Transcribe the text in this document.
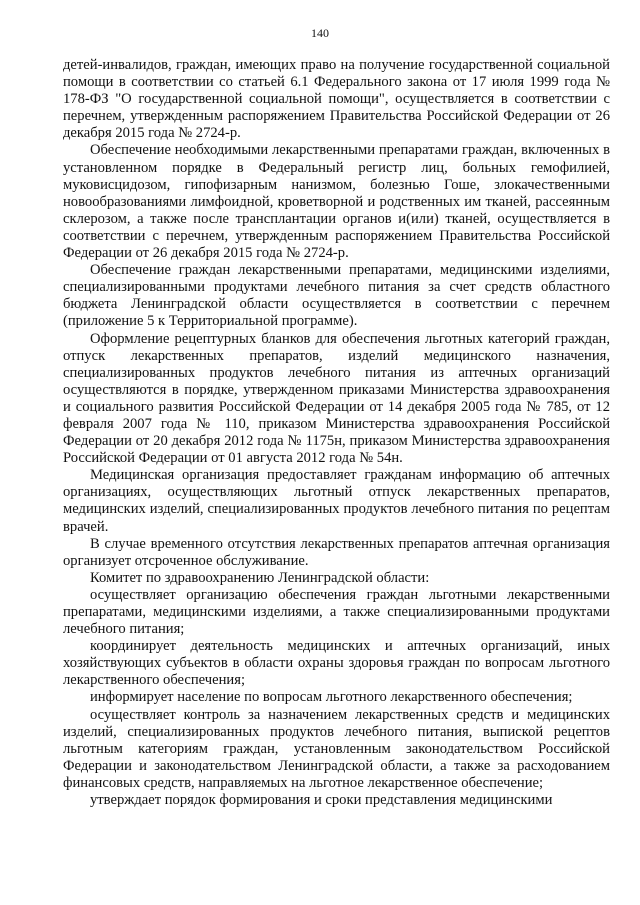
140

детей-инвалидов, граждан, имеющих право на получение государственной социальной помощи в соответствии со статьей 6.1 Федерального закона от 17 июля 1999 года № 178-ФЗ "О государственной социальной помощи", осуществляется в соответствии с перечнем, утвержденным распоряжением Правительства Российской Федерации от 26 декабря 2015 года № 2724-р.

Обеспечение необходимыми лекарственными препаратами граждан, включенных в установленном порядке в Федеральный регистр лиц, больных гемофилией, муковисцидозом, гипофизарным нанизмом, болезнью Гоше, злокачественными новообразованиями лимфоидной, кроветворной и родственных им тканей, рассеянным склерозом, а также после трансплантации органов и(или) тканей, осуществляется в соответствии с перечнем, утвержденным распоряжением Правительства Российской Федерации от 26 декабря 2015 года № 2724-р.

Обеспечение граждан лекарственными препаратами, медицинскими изделиями, специализированными продуктами лечебного питания за счет средств областного бюджета Ленинградской области осуществляется в соответствии с перечнем (приложение 5 к Территориальной программе).

Оформление рецептурных бланков для обеспечения льготных категорий граждан, отпуск лекарственных препаратов, изделий медицинского назначения, специализированных продуктов лечебного питания из аптечных организаций осуществляются в порядке, утвержденном приказами Министерства здравоохранения и социального развития Российской Федерации от 14 декабря 2005 года № 785, от 12 февраля 2007 года № 110, приказом Министерства здравоохранения Российской Федерации от 20 декабря 2012 года № 1175н, приказом Министерства здравоохранения Российской Федерации от 01 августа 2012 года № 54н.

Медицинская организация предоставляет гражданам информацию об аптечных организациях, осуществляющих льготный отпуск лекарственных препаратов, медицинских изделий, специализированных продуктов лечебного питания по рецептам врачей.

В случае временного отсутствия лекарственных препаратов аптечная организация организует отсроченное обслуживание.

Комитет по здравоохранению Ленинградской области:

осуществляет организацию обеспечения граждан льготными лекарственными препаратами, медицинскими изделиями, а также специализированными продуктами лечебного питания;

координирует деятельность медицинских и аптечных организаций, иных хозяйствующих субъектов в области охраны здоровья граждан по вопросам льготного лекарственного обеспечения;

информирует население по вопросам льготного лекарственного обеспечения;

осуществляет контроль за назначением лекарственных средств и медицинских изделий, специализированных продуктов лечебного питания, выпиской рецептов льготным категориям граждан, установленным законодательством Российской Федерации и законодательством Ленинградской области, а также за расходованием финансовых средств, направляемых на льготное лекарственное обеспечение;

утверждает порядок формирования и сроки представления медицинскими
